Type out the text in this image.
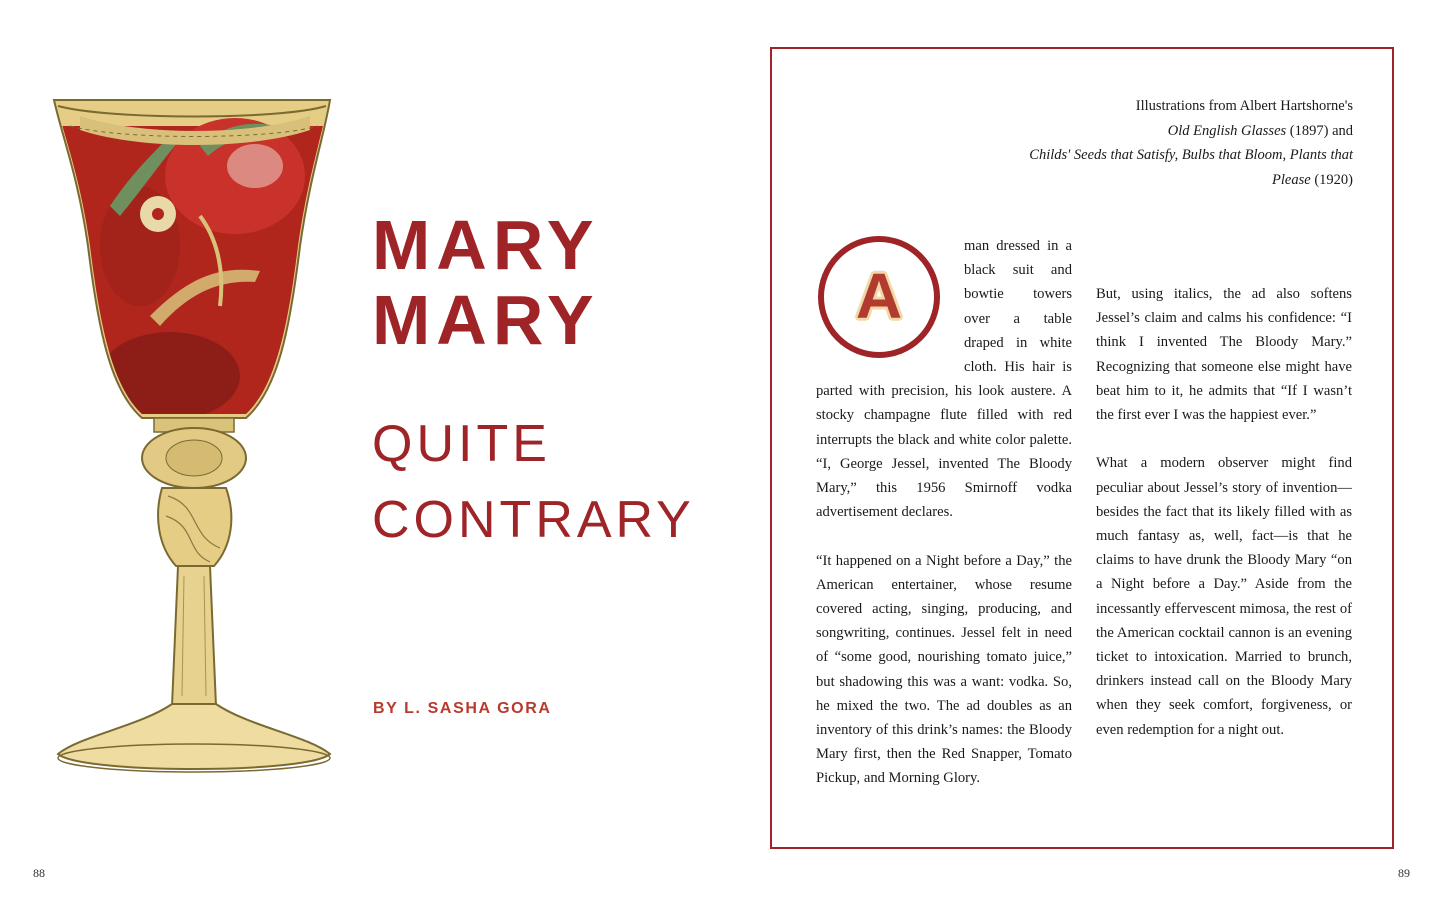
MARY
MARY
QUITE
CONTRARY
BY L. SASHA GORA
88
Illustrations from Albert Hartshorne's
Old English Glasses (1897) and
Childs' Seeds that Satisfy, Bulbs that Bloom, Plants that Please (1920)

A
man dressed in a black suit and bowtie towers over a table draped in white cloth. His hair is parted with precision, his look austere. A stocky champagne flute filled with red interrupts the black and white color palette. “I, George Jessel, invented The Bloody Mary,” this 1956 Smirnoff vodka advertisement declares.

“It happened on a Night before a Day,” the American entertainer, whose resume covered acting, singing, producing, and songwriting, continues. Jessel felt in need of “some good, nourishing tomato juice,” but shadowing this was a want: vodka. So, he mixed the two. The ad doubles as an inventory of this drink’s names: the Bloody Mary first, then the Red Snapper, Tomato Pickup, and Morning Glory.

But, using italics, the ad also softens Jessel’s claim and calms his confidence: “I think I invented The Bloody Mary.” Recognizing that someone else might have beat him to it, he admits that “If I wasn’t the first ever I was the happiest ever.”

What a modern observer might find peculiar about Jessel’s story of invention—besides the fact that its likely filled with as much fantasy as, well, fact—is that he claims to have drunk the Bloody Mary “on a Night before a Day.” Aside from the incessantly effervescent mimosa, the rest of the American cocktail cannon is an evening ticket to intoxication. Married to brunch, drinkers instead call on the Bloody Mary when they seek comfort, forgiveness, or even redemption for a night out.

89
